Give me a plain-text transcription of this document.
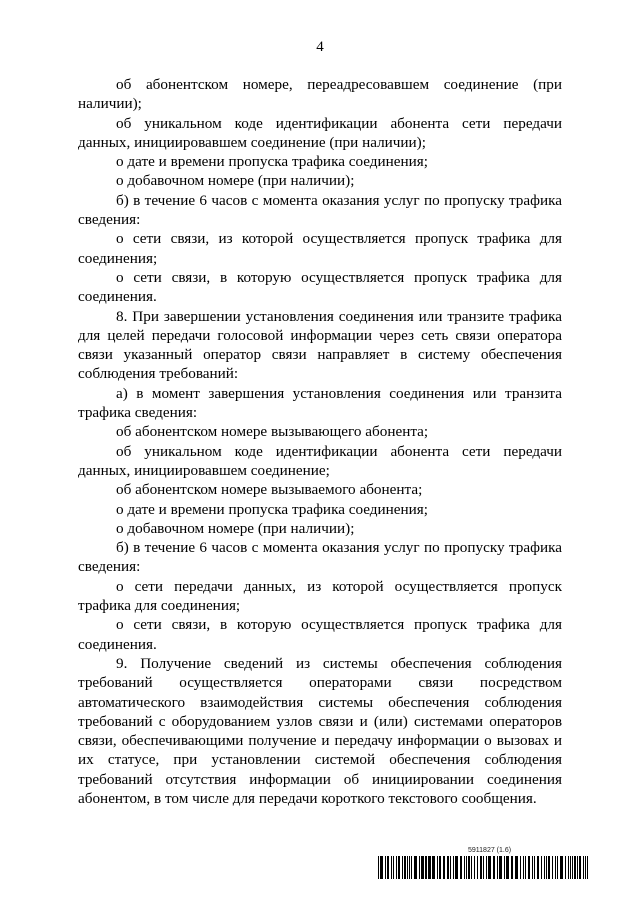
4

об абонентском номере, переадресовавшем соединение (при наличии);

об уникальном коде идентификации абонента сети передачи данных, инициировавшем соединение (при наличии);

о дате и времени пропуска трафика соединения;

о добавочном номере (при наличии);

б) в течение 6 часов с момента оказания услуг по пропуску трафика сведения:

о сети связи, из которой осуществляется пропуск трафика для соединения;

о сети связи, в которую осуществляется пропуск трафика для соединения.

8. При завершении установления соединения или транзите трафика для целей передачи голосовой информации через сеть связи оператора связи указанный оператор связи направляет в систему обеспечения соблюдения требований:

а) в момент завершения установления соединения или транзита трафика сведения:

об абонентском номере вызывающего абонента;

об уникальном коде идентификации абонента сети передачи данных, инициировавшем соединение;

об абонентском номере вызываемого абонента;

о дате и времени пропуска трафика соединения;

о добавочном номере (при наличии);

б) в течение 6 часов с момента оказания услуг по пропуску трафика сведения:

о сети передачи данных, из которой осуществляется пропуск трафика для соединения;

о сети связи, в которую осуществляется пропуск трафика для соединения.

9. Получение сведений из системы обеспечения соблюдения требований осуществляется операторами связи посредством автоматического взаимодействия системы обеспечения соблюдения требований с оборудованием узлов связи и (или) системами операторов связи, обеспечивающими получение и передачу информации о вызовах и их статусе, при установлении системой обеспечения соблюдения требований отсутствия информации об инициировании соединения абонентом, в том числе для передачи короткого текстового сообщения.

5911827 (1.6)
